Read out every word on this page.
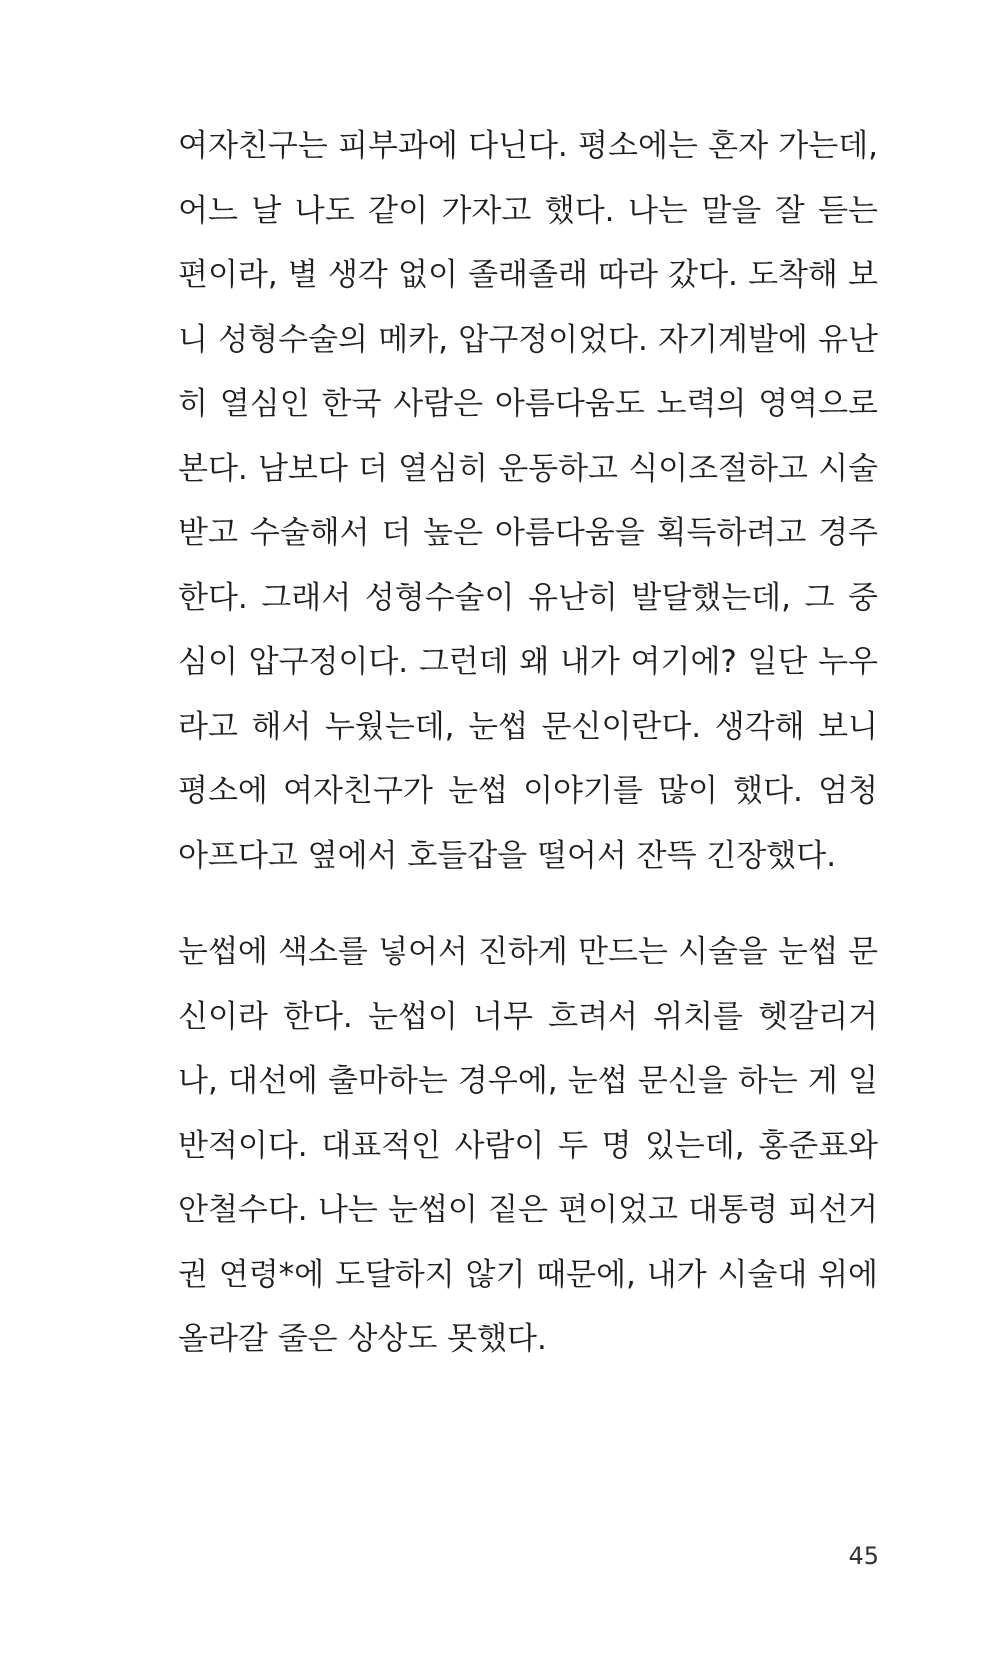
여자친구는 피부과에 다닌다. 평소에는 혼자 가는데,
어느 날 나도 같이 가자고 했다. 나는 말을 잘 듣는
편이라, 별 생각 없이 졸래졸래 따라 갔다. 도착해 보
니 성형수술의 메카, 압구정이었다. 자기계발에 유난
히 열심인 한국 사람은 아름다움도 노력의 영역으로
본다. 남보다 더 열심히 운동하고 식이조절하고 시술
받고 수술해서 더 높은 아름다움을 획득하려고 경주
한다. 그래서 성형수술이 유난히 발달했는데, 그 중
심이 압구정이다. 그런데 왜 내가 여기에? 일단 누우
라고 해서 누웠는데, 눈썹 문신이란다. 생각해 보니
평소에 여자친구가 눈썹 이야기를 많이 했다. 엄청
아프다고 옆에서 호들갑을 떨어서 잔뜩 긴장했다.
눈썹에 색소를 넣어서 진하게 만드는 시술을 눈썹 문
신이라 한다. 눈썹이 너무 흐려서 위치를 헷갈리거
나, 대선에 출마하는 경우에, 눈썹 문신을 하는 게 일
반적이다. 대표적인 사람이 두 명 있는데, 홍준표와
안철수다. 나는 눈썹이 짙은 편이었고 대통령 피선거
권 연령*에 도달하지 않기 때문에, 내가 시술대 위에
올라갈 줄은 상상도 못했다.
45
